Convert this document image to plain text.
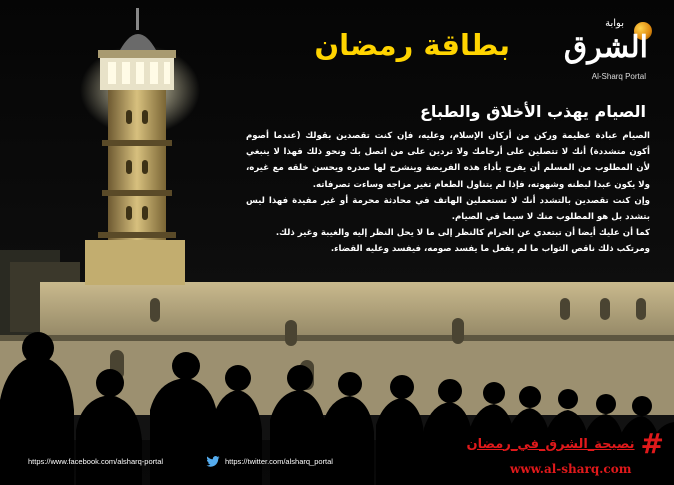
بوابة
الشرق
Al-Sharq Portal
بطاقة رمضان
الصيام يهذب الأخلاق والطباع

الصيام عبادة عظيمة وركن من أركان الإسلام، وعليه، فإن كنت تقصدين بقولك (عندما أصوم أكون متشددة) أنك لا تتصلين على أرحامك ولا تردين على من اتصل بك ونحو ذلك فهذا لا ينبغي لأن المطلوب من المسلم أن يفرح بأداء هذه الفريضة وينشرح لها صدره ويحسن خلقه مع غيره، ولا يكون عبدا لبطنه وشهوته، فإذا لم يتناول الطعام تغير مزاجه وساءت تصرفاته.

وإن كنت تقصدين بالتشدد أنك لا تستعملين الهاتف في محادثة محرمة أو غير مفيدة فهذا ليس بتشدد بل هو المطلوب منك لا سيما في الصيام.

كما أن عليك أيضا أن تبتعدي عن الحرام كالنظر إلى ما لا يحل النظر إليه والغيبة وغير ذلك.

ومرتكب ذلك ناقص الثواب ما لم يفعل ما يفسد صومه، فيفسد وعليه القضاء.

https://www.facebook.com/alsharq-portal	https://twitter.com/alsharq_portal
#
نصيحة_الشرق_في_رمضان
www.al-sharq.com
